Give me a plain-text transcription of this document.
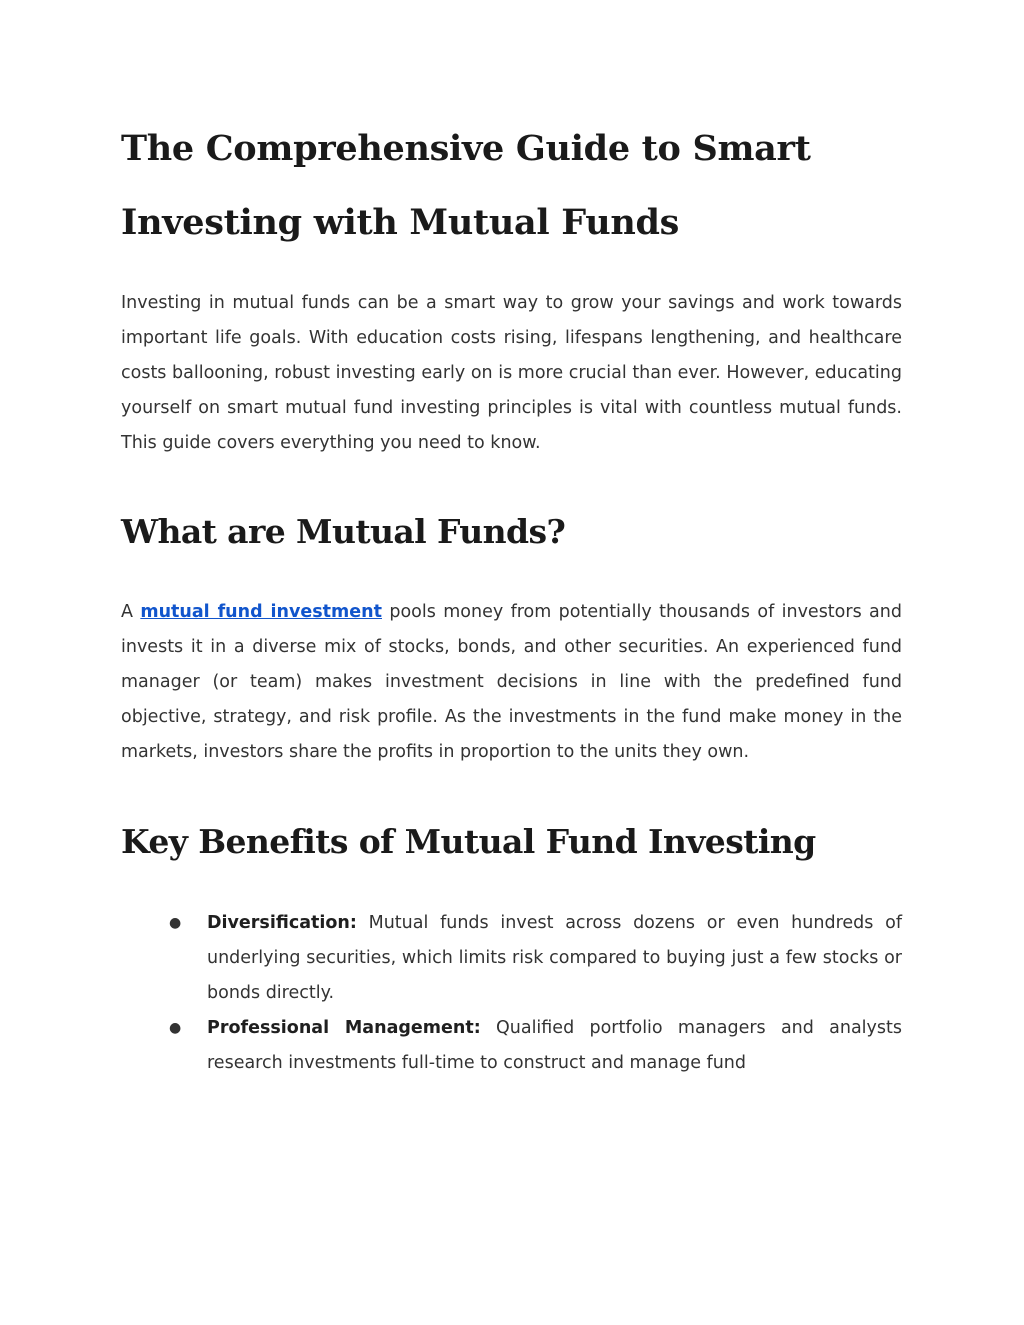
The Comprehensive Guide to Smart Investing with Mutual Funds

Investing in mutual funds can be a smart way to grow your savings and work towards important life goals. With education costs rising, lifespans lengthening, and healthcare costs ballooning, robust investing early on is more crucial than ever. However, educating yourself on smart mutual fund investing principles is vital with countless mutual funds. This guide covers everything you need to know.

What are Mutual Funds?

A mutual fund investment pools money from potentially thousands of investors and invests it in a diverse mix of stocks, bonds, and other securities. An experienced fund manager (or team) makes investment decisions in line with the predefined fund objective, strategy, and risk profile. As the investments in the fund make money in the markets, investors share the profits in proportion to the units they own.

Key Benefits of Mutual Fund Investing
● Diversification: Mutual funds invest across dozens or even hundreds of underlying securities, which limits risk compared to buying just a few stocks or bonds directly.
● Professional Management: Qualified portfolio managers and analysts research investments full-time to construct and manage fund
